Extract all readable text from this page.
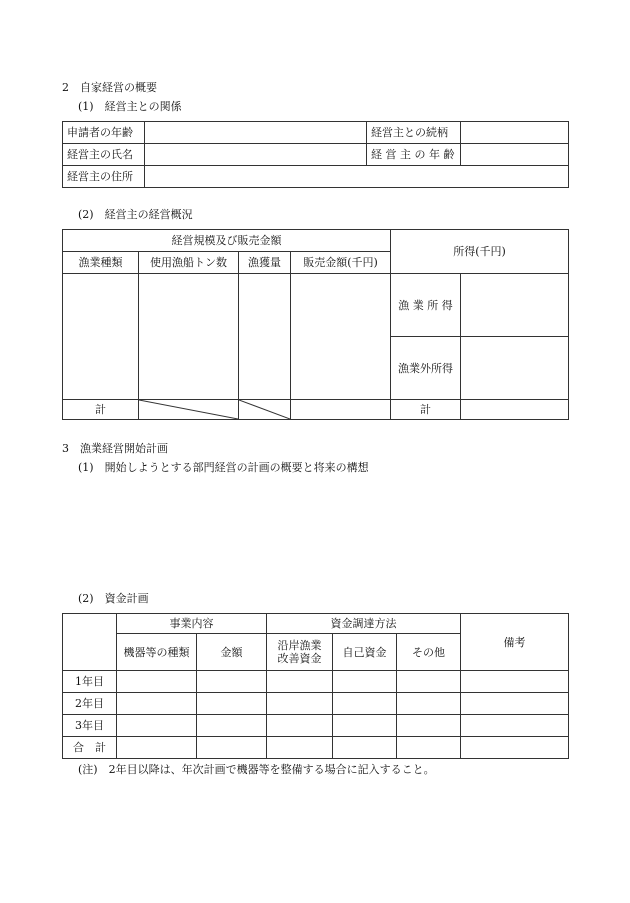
2　自家経営の概要
(1)　経営主との関係
申請者の年齢		経営主との続柄	
経営主の氏名		経 営 主 の 年 齢	
経営主の住所			
(2)　経営主の経営概況
経営規模及び販売金額				所得(千円)	
漁業種類	使用漁船トン数	漁獲量	販売金額(千円)		
				漁 業 所 得	
				漁業外所得	
計				計	
3　漁業経営開始計画
(1)　開始しようとする部門経営の計画の概要と将来の構想
(2)　資金計画
	事業内容		資金調達方法			備考
	機器等の種類	金額	沿岸漁業
改善資金	自己資金	その他	
1年目						
2年目						
3年目						
合　計						
(注)　2年目以降は、年次計画で機器等を整備する場合に記入すること。
